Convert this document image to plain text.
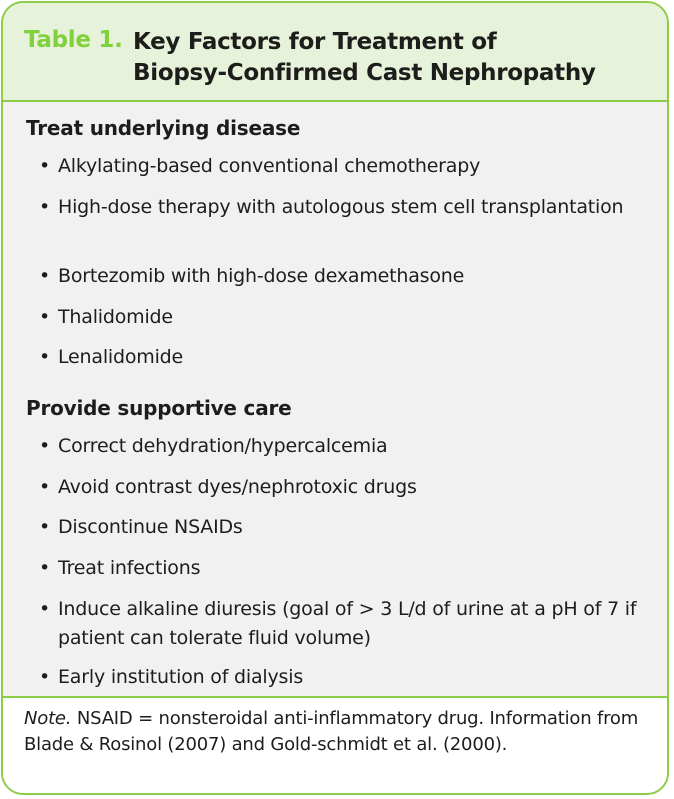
Table 1. Key Factors for Treatment of
Biopsy-Confirmed Cast Nephropathy
Treat underlying disease
• Alkylating-based conventional chemotherapy
• High-dose therapy with autologous stem cell transplantation
• Bortezomib with high-dose dexamethasone
• Thalidomide
• Lenalidomide
Provide supportive care
• Correct dehydration/hypercalcemia
• Avoid contrast dyes/nephrotoxic drugs
• Discontinue NSAIDs
• Treat infections
• Induce alkaline diuresis (goal of > 3 L/d of urine at a pH of 7 if patient can tolerate fluid volume)
• Early institution of dialysis
Note. NSAID = nonsteroidal anti-inflammatory drug. Information from Blade & Rosinol (2007) and Gold-schmidt et al. (2000).
